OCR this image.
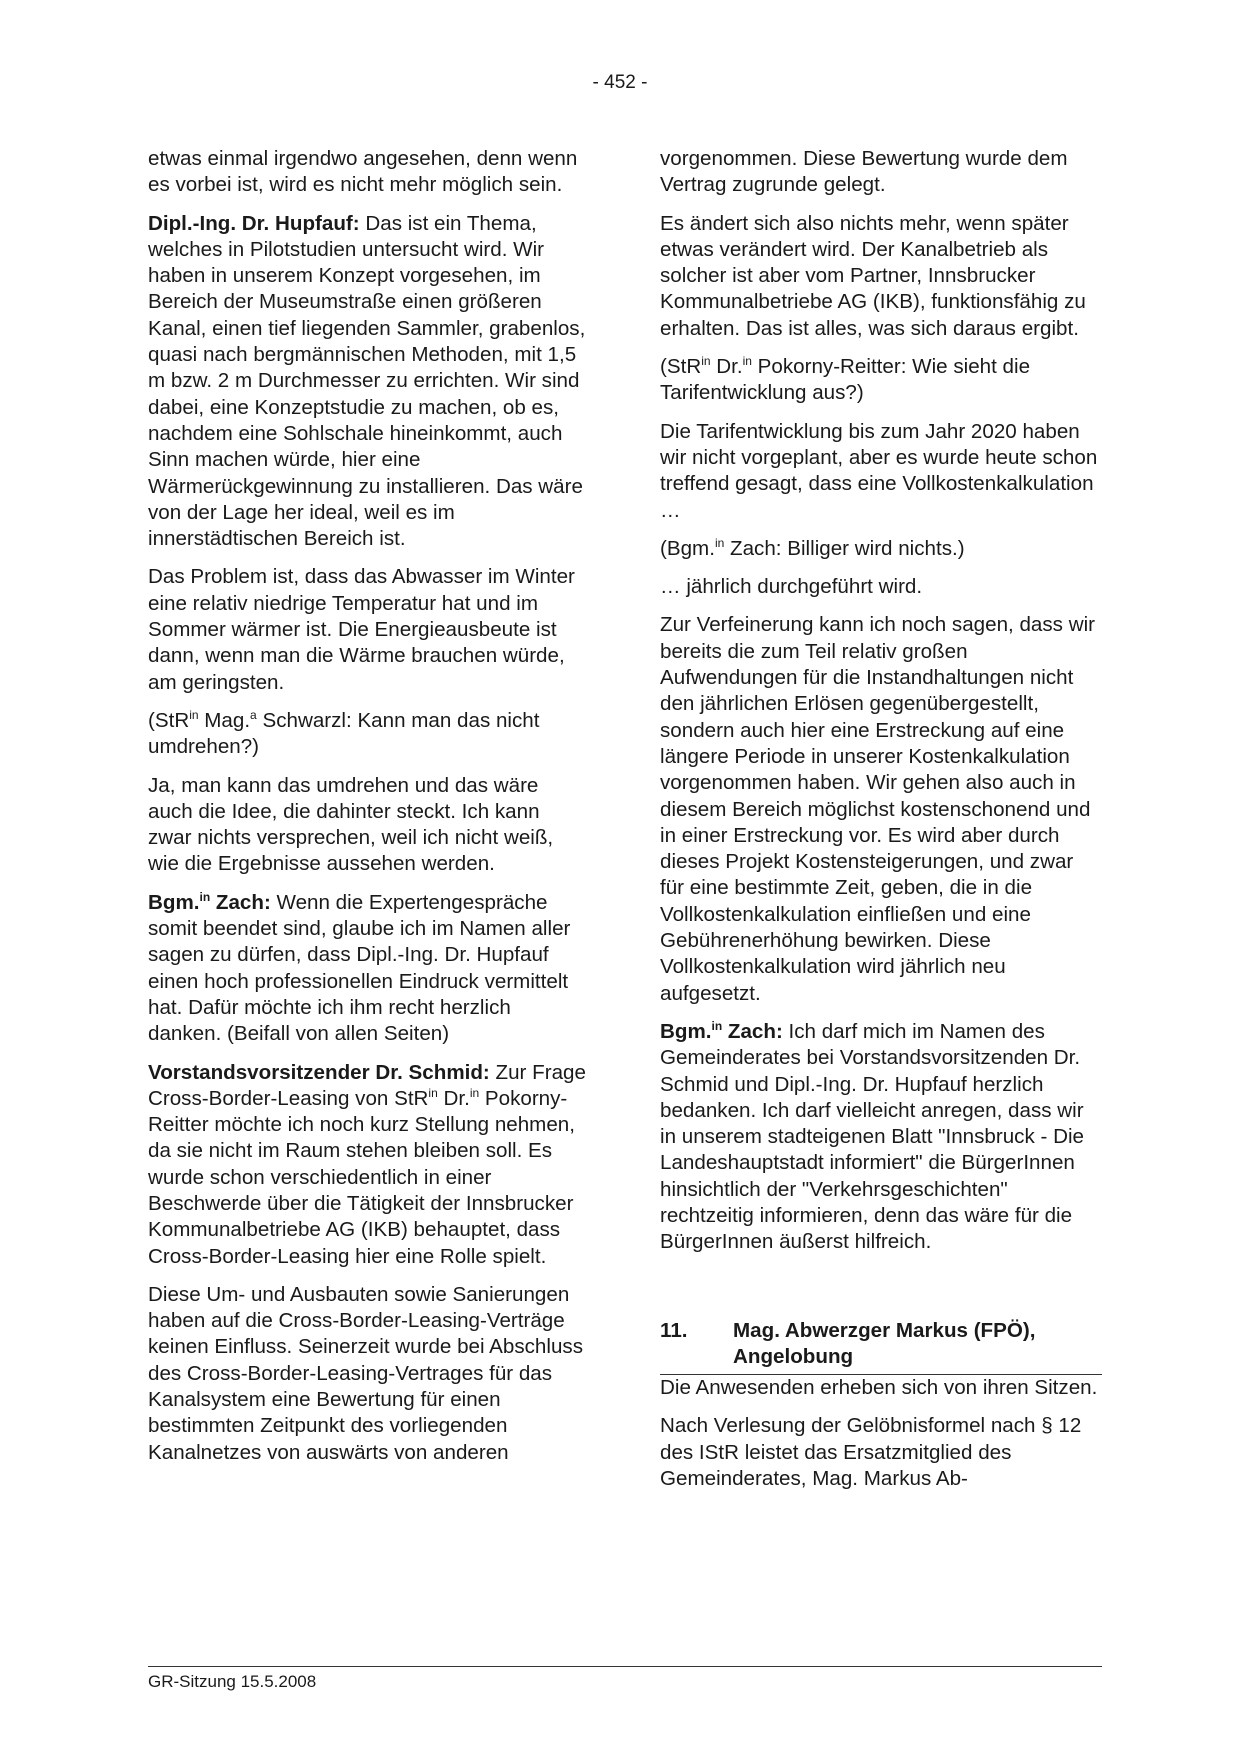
- 452 -

etwas einmal irgendwo angesehen, denn wenn es vorbei ist, wird es nicht mehr möglich sein.

Dipl.-Ing. Dr. Hupfauf: Das ist ein Thema, welches in Pilotstudien untersucht wird. Wir haben in unserem Konzept vorgesehen, im Bereich der Museumstraße einen größeren Kanal, einen tief liegenden Sammler, grabenlos, quasi nach bergmännischen Methoden, mit 1,5 m bzw. 2 m Durchmesser zu errichten. Wir sind dabei, eine Konzeptstudie zu machen, ob es, nachdem eine Sohlschale hineinkommt, auch Sinn machen würde, hier eine Wärmerückgewinnung zu installieren. Das wäre von der Lage her ideal, weil es im innerstädtischen Bereich ist.

Das Problem ist, dass das Abwasser im Winter eine relativ niedrige Temperatur hat und im Sommer wärmer ist. Die Energieausbeute ist dann, wenn man die Wärme brauchen würde, am geringsten.

(StR$^{in}$ Mag.$^a$ Schwarzl: Kann man das nicht umdrehen?)

Ja, man kann das umdrehen und das wäre auch die Idee, die dahinter steckt. Ich kann zwar nichts versprechen, weil ich nicht weiß, wie die Ergebnisse aussehen werden.

Bgm.$^{in}$ Zach: Wenn die Expertengespräche somit beendet sind, glaube ich im Namen aller sagen zu dürfen, dass Dipl.-Ing. Dr. Hupfauf einen hoch professionellen Eindruck vermittelt hat. Dafür möchte ich ihm recht herzlich danken. (Beifall von allen Seiten)

Vorstandsvorsitzender Dr. Schmid: Zur Frage Cross-Border-Leasing von StR$^{in}$ Dr.$^{in}$ Pokorny-Reitter möchte ich noch kurz Stellung nehmen, da sie nicht im Raum stehen bleiben soll. Es wurde schon verschiedentlich in einer Beschwerde über die Tätigkeit der Innsbrucker Kommunalbetriebe AG (IKB) behauptet, dass Cross-Border-Leasing hier eine Rolle spielt.

Diese Um- und Ausbauten sowie Sanierungen haben auf die Cross-Border-Leasing-Verträge keinen Einfluss. Seinerzeit wurde bei Abschluss des Cross-Border-Leasing-Vertrages für das Kanalsystem eine Bewertung für einen bestimmten Zeitpunkt des vorliegenden Kanalnetzes von auswärts von anderen

vorgenommen. Diese Bewertung wurde dem Vertrag zugrunde gelegt.

Es ändert sich also nichts mehr, wenn später etwas verändert wird. Der Kanalbetrieb als solcher ist aber vom Partner, Innsbrucker Kommunalbetriebe AG (IKB), funktionsfähig zu erhalten. Das ist alles, was sich daraus ergibt.

(StR$^{in}$ Dr.$^{in}$ Pokorny-Reitter: Wie sieht die Tarifentwicklung aus?)

Die Tarifentwicklung bis zum Jahr 2020 haben wir nicht vorgeplant, aber es wurde heute schon treffend gesagt, dass eine Vollkostenkalkulation …

(Bgm.$^{in}$ Zach: Billiger wird nichts.)

… jährlich durchgeführt wird.

Zur Verfeinerung kann ich noch sagen, dass wir bereits die zum Teil relativ großen Aufwendungen für die Instandhaltungen nicht den jährlichen Erlösen gegenübergestellt, sondern auch hier eine Erstreckung auf eine längere Periode in unserer Kostenkalkulation vorgenommen haben. Wir gehen also auch in diesem Bereich möglichst kostenschonend und in einer Erstreckung vor. Es wird aber durch dieses Projekt Kostensteigerungen, und zwar für eine bestimmte Zeit, geben, die in die Vollkostenkalkulation einfließen und eine Gebührenerhöhung bewirken. Diese Vollkostenkalkulation wird jährlich neu aufgesetzt.

Bgm.$^{in}$ Zach: Ich darf mich im Namen des Gemeinderates bei Vorstandsvorsitzenden Dr. Schmid und Dipl.-Ing. Dr. Hupfauf herzlich bedanken. Ich darf vielleicht anregen, dass wir in unserem stadteigenen Blatt "Innsbruck - Die Landeshauptstadt informiert" die BürgerInnen hinsichtlich der "Verkehrsgeschichten" rechtzeitig informieren, denn das wäre für die BürgerInnen äußerst hilfreich.

11.	Mag. Abwerzger Markus (FPÖ),
Angelobung

Die Anwesenden erheben sich von ihren Sitzen.

Nach Verlesung der Gelöbnisformel nach § 12 des IStR leistet das Ersatzmitglied des Gemeinderates, Mag. Markus Ab-

GR-Sitzung 15.5.2008
